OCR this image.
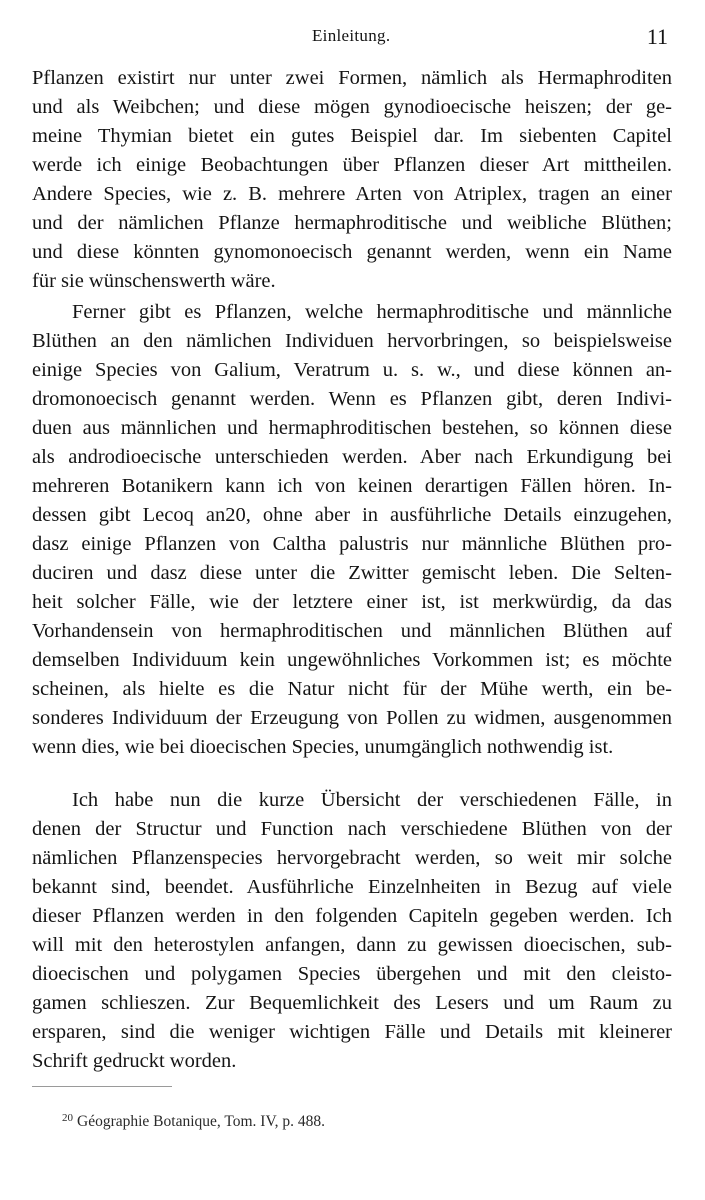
Einleitung.	11
Pflanzen existirt nur unter zwei Formen, nämlich als Hermaphroditen
und als Weibchen; und diese mögen gynodioecische heiszen; der ge-
meine Thymian bietet ein gutes Beispiel dar. Im siebenten Capitel
werde ich einige Beobachtungen über Pflanzen dieser Art mittheilen.
Andere Species, wie z. B. mehrere Arten von Atriplex, tragen an einer
und der nämlichen Pflanze hermaphroditische und weibliche Blüthen;
und diese könnten gynomonoecisch genannt werden, wenn ein Name
für sie wünschenswerth wäre.
Ferner gibt es Pflanzen, welche hermaphroditische und männliche
Blüthen an den nämlichen Individuen hervorbringen, so beispielsweise
einige Species von Galium, Veratrum u. s. w., und diese können an-
dromonoecisch genannt werden. Wenn es Pflanzen gibt, deren Indivi-
duen aus männlichen und hermaphroditischen bestehen, so können diese
als androdioecische unterschieden werden. Aber nach Erkundigung bei
mehreren Botanikern kann ich von keinen derartigen Fällen hören. In-
dessen gibt Lecoq an20, ohne aber in ausführliche Details einzugehen,
dasz einige Pflanzen von Caltha palustris nur männliche Blüthen pro-
duciren und dasz diese unter die Zwitter gemischt leben. Die Selten-
heit solcher Fälle, wie der letztere einer ist, ist merkwürdig, da das
Vorhandensein von hermaphroditischen und männlichen Blüthen auf
demselben Individuum kein ungewöhnliches Vorkommen ist; es möchte
scheinen, als hielte es die Natur nicht für der Mühe werth, ein be-
sonderes Individuum der Erzeugung von Pollen zu widmen, ausgenommen
wenn dies, wie bei dioecischen Species, unumgänglich nothwendig ist.
Ich habe nun die kurze Übersicht der verschiedenen Fälle, in
denen der Structur und Function nach verschiedene Blüthen von der
nämlichen Pflanzenspecies hervorgebracht werden, so weit mir solche
bekannt sind, beendet. Ausführliche Einzelnheiten in Bezug auf viele
dieser Pflanzen werden in den folgenden Capiteln gegeben werden. Ich
will mit den heterostylen anfangen, dann zu gewissen dioecischen, sub-
dioecischen und polygamen Species übergehen und mit den cleisto-
gamen schlieszen. Zur Bequemlichkeit des Lesers und um Raum zu
ersparen, sind die weniger wichtigen Fälle und Details mit kleinerer
Schrift gedruckt worden.
$^{20}$ Géographie Botanique, Tom. IV, p. 488.
